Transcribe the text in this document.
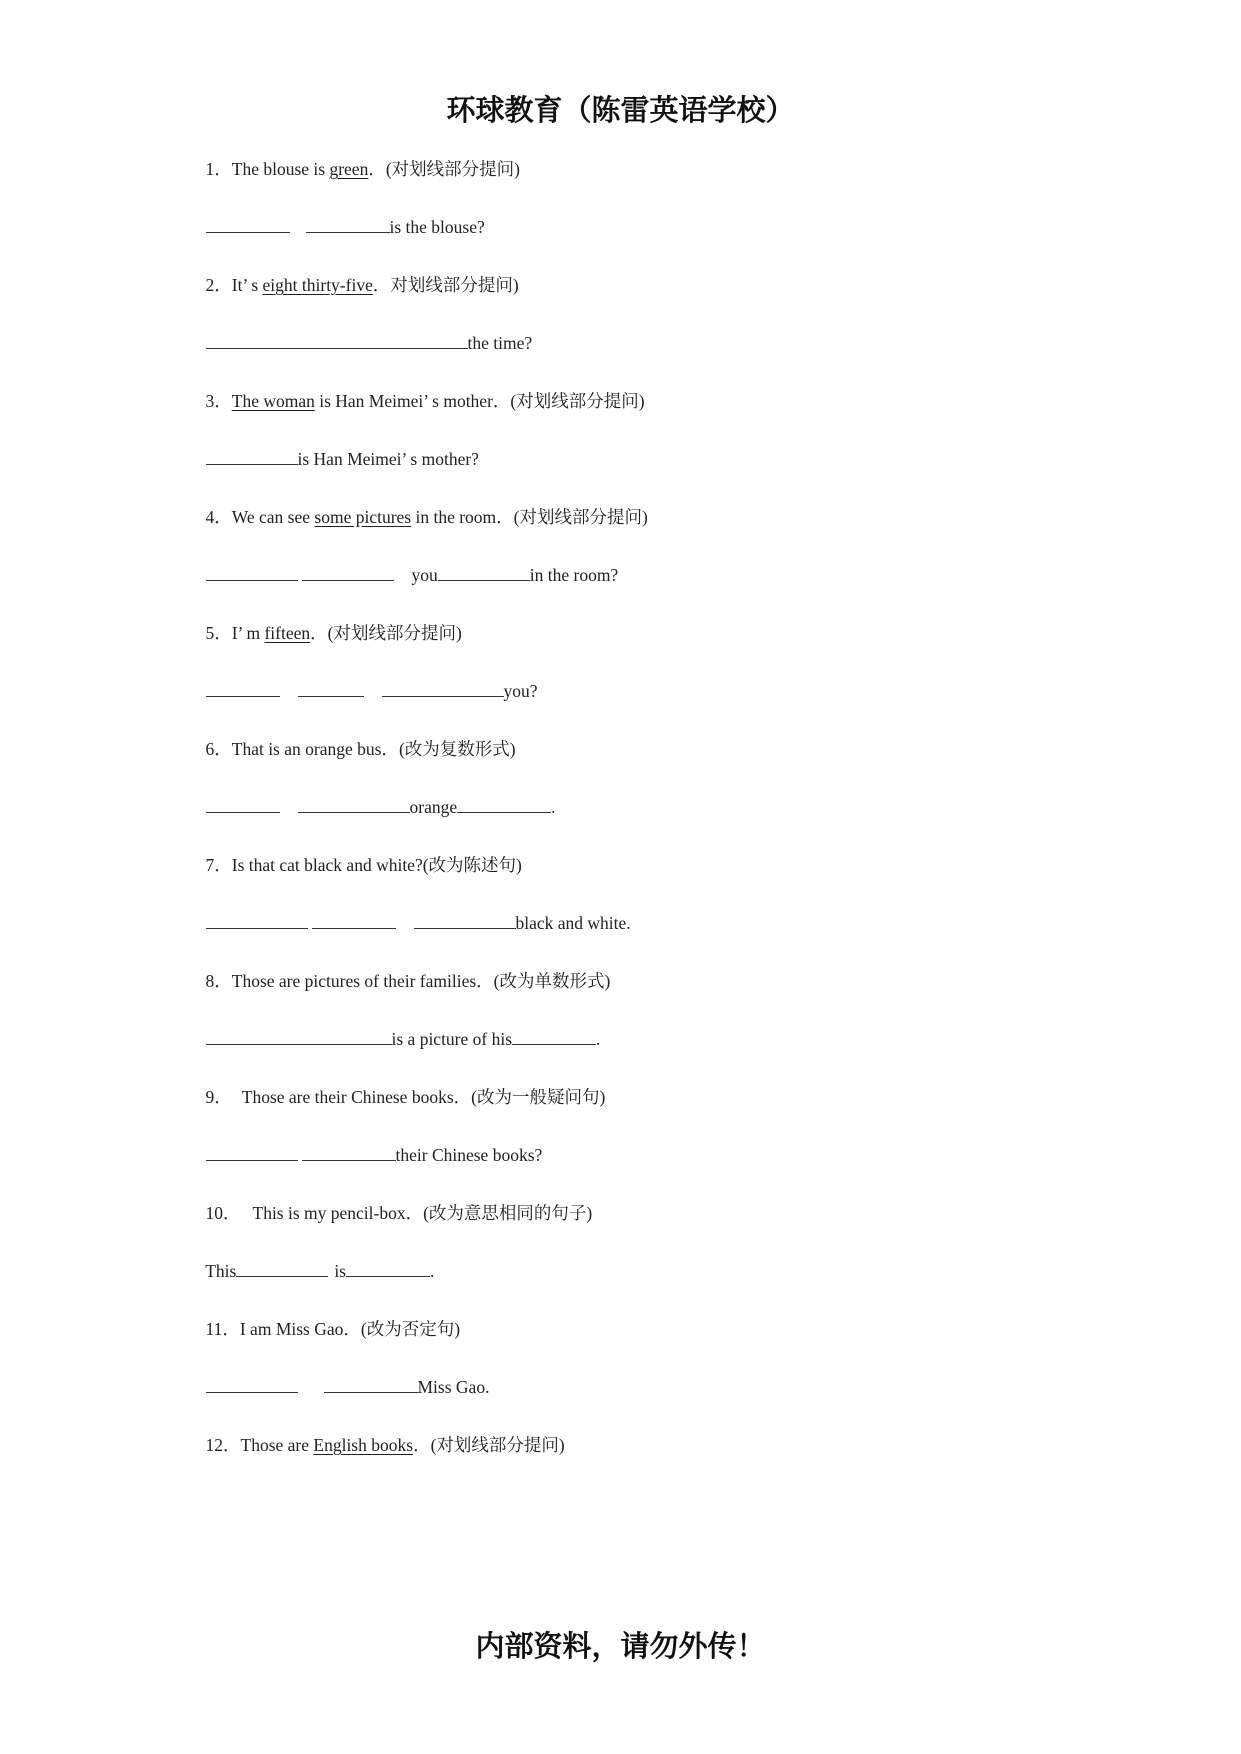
环球教育（陈雷英语学校）

1．The blouse is green．(对划线部分提问)

is the blouse?

2．It’ s eight thirty-five．对划线部分提问)

the time?

3．The woman is Han Meimei’ s mother．(对划线部分提问)

is Han Meimei’ s mother?

4．We can see some pictures in the room．(对划线部分提问)

you	in the room?

5．I’ m fifteen．(对划线部分提问)

you?

6．That is an orange bus．(改为复数形式)

orange	.

7．Is that cat black and white?(改为陈述句)

black and white.

8．Those are pictures of their families．(改为单数形式)

is a picture of his	.

9． Those are their Chinese books．(改为一般疑问句)

their Chinese books?

10． This is my pencil-box．(改为意思相同的句子)

This	is	.

11．I am Miss Gao．(改为否定句)

Miss Gao.

12．Those are English books．(对划线部分提问)

内部资料，请勿外传！
